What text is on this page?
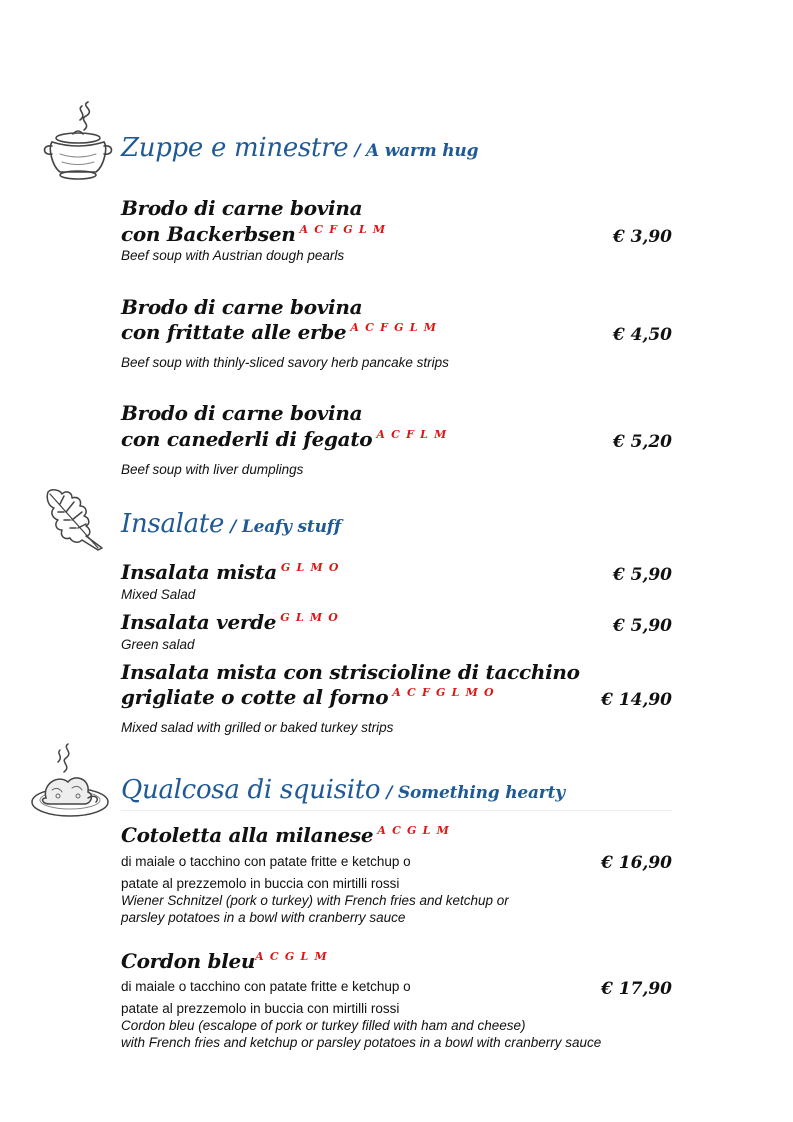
Zuppe e minestre / A warm hug
Brodo di carne bovina
con Backerbsen $^{A C F G L M}$	€ 3,90
Beef soup with Austrian dough pearls
Brodo di carne bovina
con frittate alle erbe $^{A C F G L M}$	€ 4,50
Beef soup with thinly-sliced savory herb pancake strips
Brodo di carne bovina
con canederli di fegato $^{A C F L M}$	€ 5,20
Beef soup with liver dumplings
Insalate / Leafy stuff
Insalata mista $^{G L M O}$	€ 5,90
Mixed Salad
Insalata verde $^{G L M O}$	€ 5,90
Green salad
Insalata mista con striscioline di tacchino
grigliate o cotte al forno $^{A C F G L M O}$	€ 14,90
Mixed salad with grilled or baked turkey strips
Qualcosa di squisito / Something hearty
Cotoletta alla milanese $^{A C G L M}$
di maiale o tacchino con patate fritte e ketchup o	€ 16,90
patate al prezzemolo in buccia con mirtilli rossi
Wiener Schnitzel (pork o turkey) with French fries and ketchup or
parsley potatoes in a bowl with cranberry sauce
Cordon bleu$^{A C G L M}$
di maiale o tacchino con patate fritte e ketchup o	€ 17,90
patate al prezzemolo in buccia con mirtilli rossi
Cordon bleu (escalope of pork or turkey filled with ham and cheese)
with French fries and ketchup or parsley potatoes in a bowl with cranberry sauce
